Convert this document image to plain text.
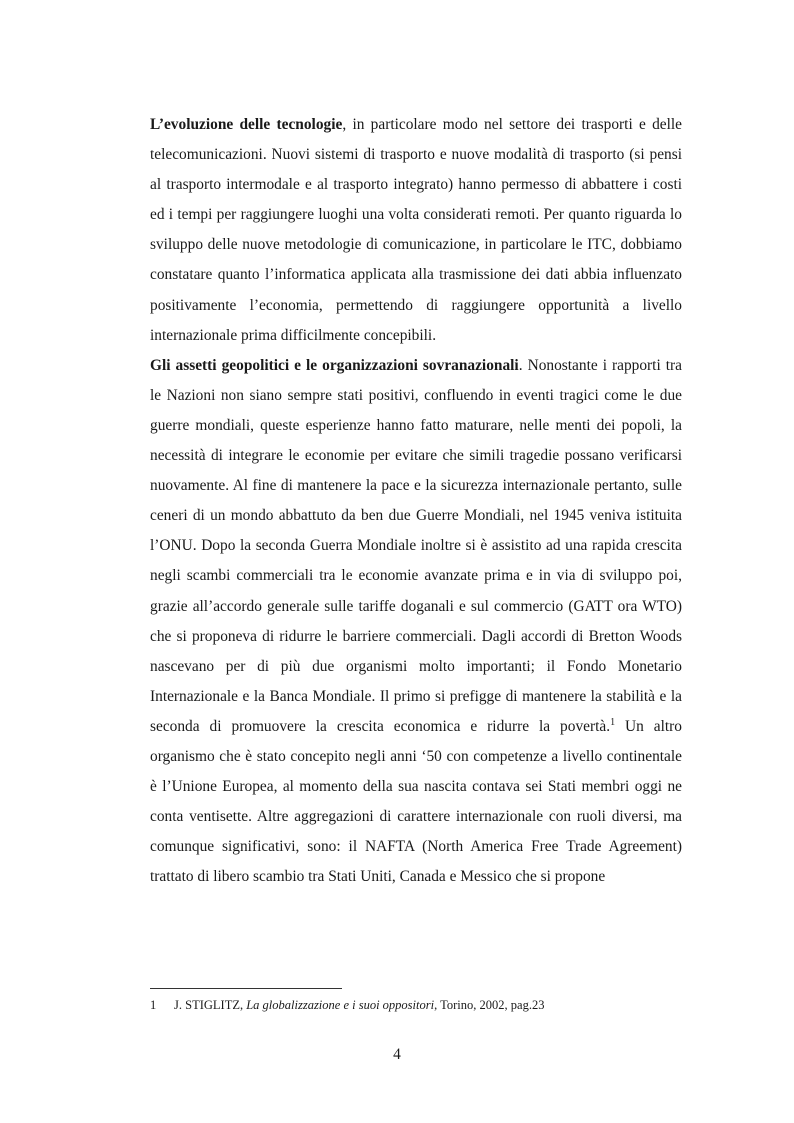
L’evoluzione delle tecnologie, in particolare modo nel settore dei trasporti e delle telecomunicazioni. Nuovi sistemi di trasporto e nuove modalità di trasporto (si pensi al trasporto intermodale e al trasporto integrato) hanno permesso di abbattere i costi ed i tempi per raggiungere luoghi una volta considerati remoti. Per quanto riguarda lo sviluppo delle nuove metodologie di comunicazione, in particolare le ITC, dobbiamo constatare quanto l’informatica applicata alla trasmissione dei dati abbia influenzato positivamente l’economia, permettendo di raggiungere opportunità a livello internazionale prima difficilmente concepibili.

Gli assetti geopolitici e le organizzazioni sovranazionali. Nonostante i rapporti tra le Nazioni non siano sempre stati positivi, confluendo in eventi tragici come le due guerre mondiali, queste esperienze hanno fatto maturare, nelle menti dei popoli, la necessità di integrare le economie per evitare che simili tragedie possano verificarsi nuovamente. Al fine di mantenere la pace e la sicurezza internazionale pertanto, sulle ceneri di un mondo abbattuto da ben due Guerre Mondiali, nel 1945 veniva istituita l’ONU. Dopo la seconda Guerra Mondiale inoltre si è assistito ad una rapida crescita negli scambi commerciali tra le economie avanzate prima e in via di sviluppo poi, grazie all’accordo generale sulle tariffe doganali e sul commercio (GATT ora WTO) che si proponeva di ridurre le barriere commerciali. Dagli accordi di Bretton Woods nascevano per di più due organismi molto importanti; il Fondo Monetario Internazionale e la Banca Mondiale. Il primo si prefigge di mantenere la stabilità e la seconda di promuovere la crescita economica e ridurre la povertà.$^1$ Un altro organismo che è stato concepito negli anni ‘50 con competenze a livello continentale è l’Unione Europea, al momento della sua nascita contava sei Stati membri oggi ne conta ventisette. Altre aggregazioni di carattere internazionale con ruoli diversi, ma comunque significativi, sono: il NAFTA (North America Free Trade Agreement) trattato di libero scambio tra Stati Uniti, Canada e Messico che si propone

1 J. STIGLITZ, La globalizzazione e i suoi oppositori, Torino, 2002, pag.23

4
